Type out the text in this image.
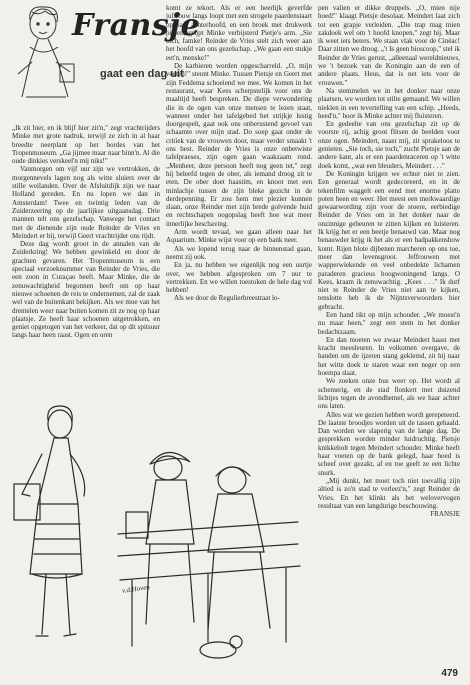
Fransje
gaat een dag uit

„Ik zit hier, en ik blijf hier zit'n," zegt vrachtrijders Minke met grote nadruk, terwijl ze zich in al haar breedte neerplant op het bordes van het Tropenmuseum. „Ga jijmee maar naar binn'n. Al die oude dinkies verskeel'n mij niks!"

Vanmorgen om vijf uur zijn we vertrokken, de morgennevels lagen nog als witte sluiers over de stille weilanden. Over de Afsluitdijk zijn we naar Holland gereden. En nu lopen we dan in Amsterdam! Twee en twintig leden van de Zuiderzeering op de jaarlijkse uitgaansdag. Drie mannen telt ons gezelschap. Vanwege het contact met de dienende zijn oude Reinder de Vries en Meindert er bij, terwijl Geert vrachtrijder ons rijdt.

Deze dag wordt groot in de annalen van de Zuiderkring! We hebben gewinkeld en door de grachten gevaren. Het Tropenmuseum is een speciaal verzoeknummer van Reinder de Vries, die een zoon in Curaçao heeft. Maar Minke, die de zenuwachtigheid begonnen heeft om op haar nieuwe schoenen de reis te ondernemen, zal de zaak wel van de buitenkant bekijken. Als we moe van het drentelen weer naar buiten komen zit ze nog op haar plaatsje. Ze heeft haar schoenen uitgetrokken, en geniet opgetogen van het verkeer, dat op dit spitsuur langs haar heen raast. Ogen en oren

komt ze tekort. Als er een heerlijk geverfde juffrouw langs loopt met een strogele paardenstaart op haar achterhoofd, en een broek met drukwerk pijpen, grijpt Minke verbijsterd Pietje's arm. „Sie toch, famke! Reinder de Vries stelt zich weer aan het hoofd van ons gezelschap. „We gaan een stukje eet'n, menske!"

De karbieren worden opgescharreld. „O, mijn voeten!" steunt Minke. Tussen Pietsje en Geert met zijn Feddema schoeiend we mee. We komen in het restaurant, waar Kees scherpstelijk voor ons de maaltijd heeft bespreken. De diepe verwondering die in de ogen van onze mensen te lezen staat, wanneer onder het tafelgebed het strijkje lustig doorgespelt, gaat ook ons onberustend gevoel van schaamte over mijn stad. Do soep gaat onder de critiek van de vrouwen door, maar verder smaakt 't ons best. Reinder de Vries is onze onbetwiste tafelpraeses, zijn ogen gaan waakzaam rond. „Menheer, deze persoon heeft nog geen tet," zegt hij beleefd tegen de ober, als iemand droog zit te eten. De ober doet haastim, en knoot met een minlachje tussen de zijn bleke gezicht in de derdepenning. Er zou hem met plezier kunnen slaan, onze Reinder met zijn brede golvende huid en rechtschapen oogopslag heeft hoe wat meer innerlijke beschaving.

Arm wordt tevaal, we gaan alleen naar het Aquarium. Minke wijst voor op een bank neer.

Als we lopend terug naar de binnenstad gaan, neemt zij ook.

En ja, nu hebben we eigenlijk nog een uurtje over, we hebben afgesproken om 7 uur te vertrekken. En we willen toestoken de hele dag vol hebben!

Als we door de Regulierbreestraat lo-

pen valien er dikke druppels. „O, mien nije hoed!" klaagt Pietsje desolaat. Meindert laat zich tot een grapje verleiden. „Die trap mag mien zakdoek wel om 't hoofd knopen," zegt hij. Maar ik weet iets beters. We staan vlak voor de Cinéac! Daar zitten we droog. „'t Is geen bioscoop," stel ik Reinder de Vries gerust, „alleenaal wereldnieuws, we 't bezoek van de Koningin aan de een of andere plaats. Heus, dat is net iets voor de vrouwen."

Na stemmelen we in het donker naar onze plaatsen, we worden tot stilte gemaand. We willen nieklen in een tevertelling van een schip. „Heeds, heed'n," hoor ik Minke achter mij fluisteren.

En gedeelte van ons gezelschap zit op de voorste rij, achig groot flitsen de beelden voor onze ogen. Meindert, naast mij, zit sprakeloos te genieten. „Sie toch, sie toch," zucht Pietsje aan de andere kant, als er een paardenraceren op 't witte doek komt, „wat een bleuders, Meindert . . ."

De Koningin krijgen we echter niet te zien. Een generaal wordt gedecoreerd, en in de tekenfilm waggelt een eend met enorme platte poten heen en weer. Het meest een merkwaardige gewaarwording zijn voor de stoere, eerbiedige Reinder de Vries om in het donker naar de onzinnige gebeuren te zitten kijken en luisteren. Ik krijg het er een beetje benauwd van. Maar nog benauwder krijg ik het als er een badpakkenshow komt. Rijen blote dijbenen marcheren op ons toe, meer dan levensgroot. Jeffrouwen met wapperwiekende en veel onbedekte lichamen paraderen gracieus hoogwoningend langs. O Kees, kraam ik zenuwachtig. „Kees . . ." Ik durf niet te Reinder de Vries niet aan te kijken, tenslotte heb ik de Nijntsverwoorders hier gebracht.

Een hand tikt op mijn schouder. „We moest'n nu maar heen," zegt een stem in het donker bedachtzaam.

En dan moeten we zwaar Meindert haast met kracht meesleuren. In volkomen overgave, de handen om de ijzeren stang geklemd, zit hij naar het witte doek te staren waar een neger op een hoempa slaat.

We zoeken onze bus weer op. Het wordt al schemerig, en de stad flonkert met duizend lichtjes tegen de avondhemel, als we haar achter ons laten.

Alles wat we gezien hebben wordt gerepeteerd. De laatste broodjes worden uit de tassen gehaald. Dan worden we slaperig van de lange dag. De gesprekken worden minder luidruchtig. Pietsje knikkebolt tegen Meindert schouder. Minke heeft haar voeten op de bank gelegd, haar hoed is scheef over gezakt, af en toe geeft ze een lichte snurk.

„Mij dunkt, het moet toch niet toevallig zijn altied is zo'n stad te verleez'n," zegt Reinder de Vries. En het klinkt als het welovervogen resultaat van een langdurige beschouwing.

FRANSJE

v.d.Hoven
479
